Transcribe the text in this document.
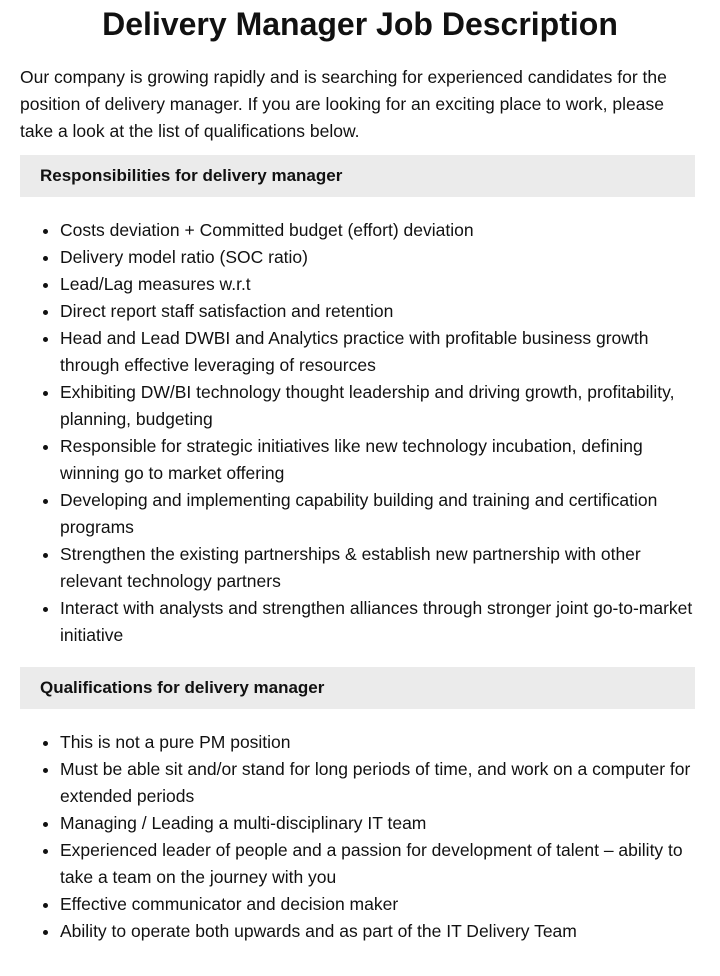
Delivery Manager Job Description

Our company is growing rapidly and is searching for experienced candidates for the position of delivery manager. If you are looking for an exciting place to work, please take a look at the list of qualifications below.

Responsibilities for delivery manager
• Costs deviation + Committed budget (effort) deviation
• Delivery model ratio (SOC ratio)
• Lead/Lag measures w.r.t
• Direct report staff satisfaction and retention
• Head and Lead DWBI and Analytics practice with profitable business growth through effective leveraging of resources
• Exhibiting DW/BI technology thought leadership and driving growth, profitability, planning, budgeting
• Responsible for strategic initiatives like new technology incubation, defining winning go to market offering
• Developing and implementing capability building and training and certification programs
• Strengthen the existing partnerships & establish new partnership with other relevant technology partners
• Interact with analysts and strengthen alliances through stronger joint go-to-market initiative
Qualifications for delivery manager
• This is not a pure PM position
• Must be able sit and/or stand for long periods of time, and work on a computer for extended periods
• Managing / Leading a multi-disciplinary IT team
• Experienced leader of people and a passion for development of talent – ability to take a team on the journey with you
• Effective communicator and decision maker
• Ability to operate both upwards and as part of the IT Delivery Team
